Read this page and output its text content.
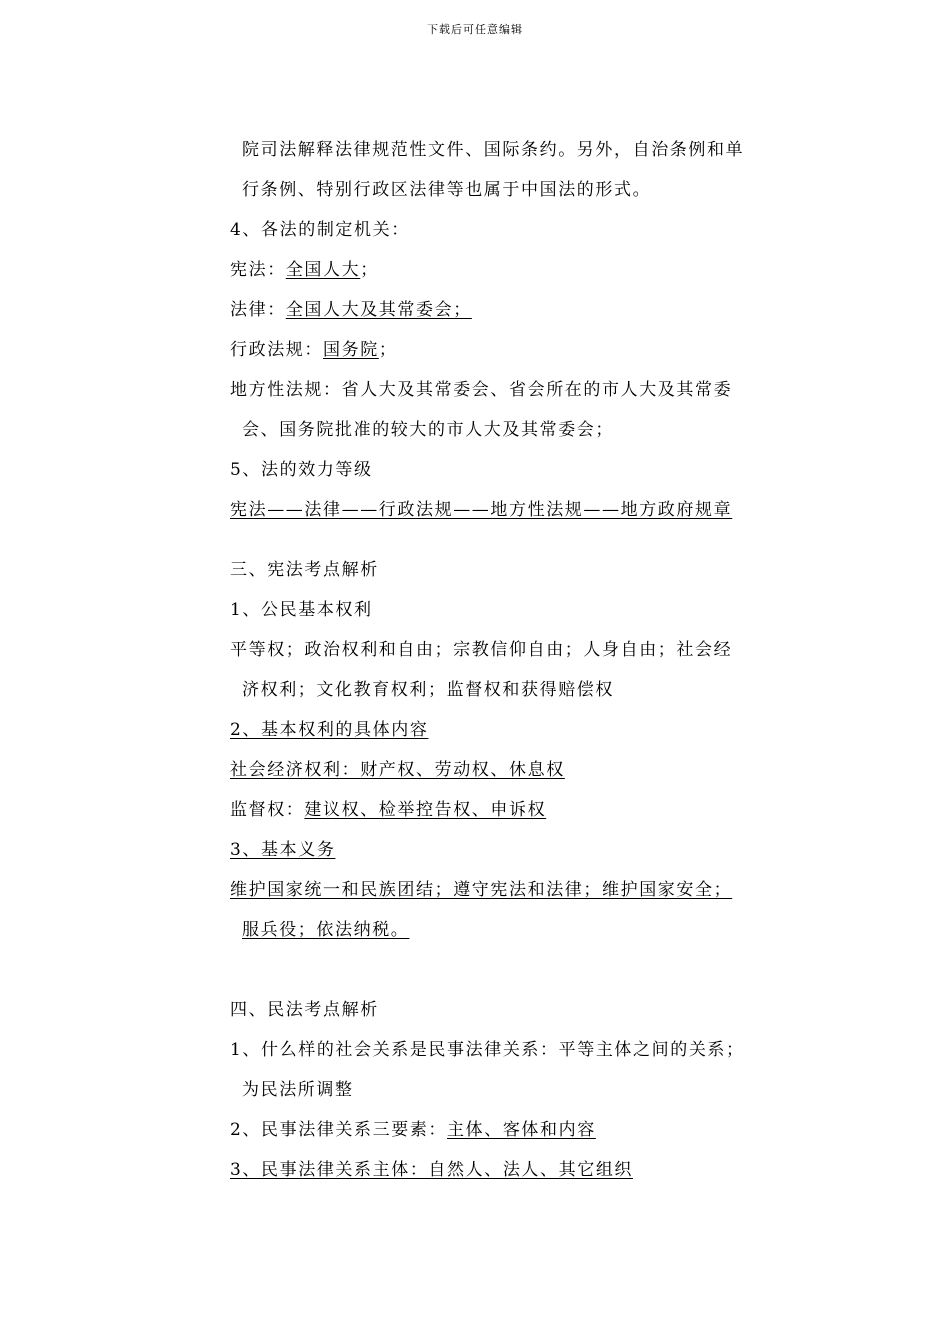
下载后可任意编辑
院司法解释法律规范性文件、国际条约。另外，自治条例和单
行条例、特别行政区法律等也属于中国法的形式。
4、各法的制定机关：
宪法：全国人大；
法律：全国人大及其常委会；
行政法规：国务院；
地方性法规：省人大及其常委会、省会所在的市人大及其常委
会、国务院批准的较大的市人大及其常委会；
5、法的效力等级
宪法——法律——行政法规——地方性法规——地方政府规章
三、宪法考点解析
1、公民基本权利
平等权；政治权利和自由；宗教信仰自由；人身自由；社会经
济权利；文化教育权利；监督权和获得赔偿权
2、基本权利的具体内容
社会经济权利：财产权、劳动权、休息权
监督权：建议权、检举控告权、申诉权
3、基本义务
维护国家统一和民族团结；遵守宪法和法律；维护国家安全；
服兵役；依法纳税。
四、民法考点解析
1、什么样的社会关系是民事法律关系：平等主体之间的关系；
为民法所调整
2、民事法律关系三要素：主体、客体和内容
3、民事法律关系主体：自然人、法人、其它组织
